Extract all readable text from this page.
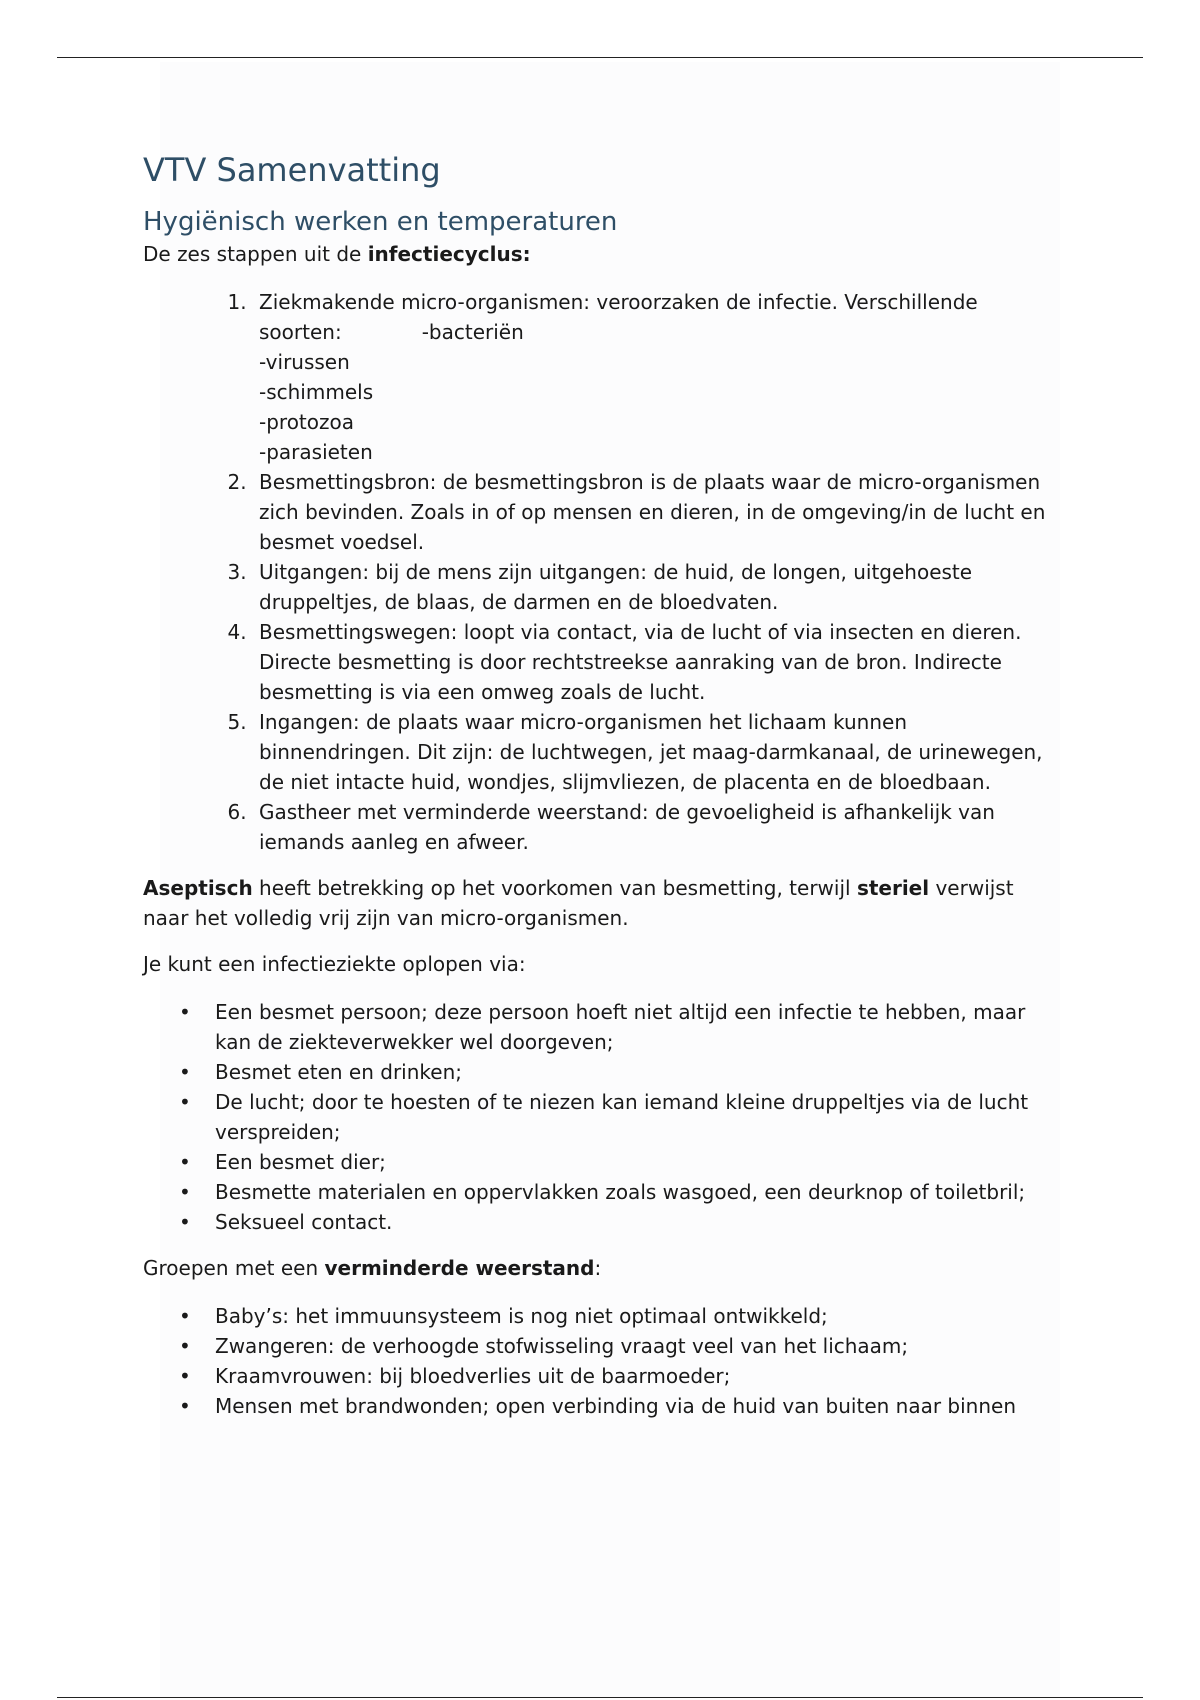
VTV Samenvatting
Hygiënisch werken en temperaturen

De zes stappen uit de infectiecyclus:

1. Ziekmakende micro-organismen: veroorzaken de infectie. Verschillende soorten:	-bacteriën
-virussen
-schimmels
-protozoa
-parasieten
2. Besmettingsbron: de besmettingsbron is de plaats waar de micro-organismen zich bevinden. Zoals in of op mensen en dieren, in de omgeving/in de lucht en besmet voedsel.
3. Uitgangen: bij de mens zijn uitgangen: de huid, de longen, uitgehoeste druppeltjes, de blaas, de darmen en de bloedvaten.
4. Besmettingswegen: loopt via contact, via de lucht of via insecten en dieren. Directe besmetting is door rechtstreekse aanraking van de bron. Indirecte besmetting is via een omweg zoals de lucht.
5. Ingangen: de plaats waar micro-organismen het lichaam kunnen binnendringen. Dit zijn: de luchtwegen, jet maag-darmkanaal, de urinewegen, de niet intacte huid, wondjes, slijmvliezen, de placenta en de bloedbaan.
6. Gastheer met verminderde weerstand: de gevoeligheid is afhankelijk van iemands aanleg en afweer.

Aseptisch heeft betrekking op het voorkomen van besmetting, terwijl steriel verwijst naar het volledig vrij zijn van micro-organismen.

Je kunt een infectieziekte oplopen via:

• Een besmet persoon; deze persoon hoeft niet altijd een infectie te hebben, maar kan de ziekteverwekker wel doorgeven;
• Besmet eten en drinken;
• De lucht; door te hoesten of te niezen kan iemand kleine druppeltjes via de lucht verspreiden;
• Een besmet dier;
• Besmette materialen en oppervlakken zoals wasgoed, een deurknop of toiletbril;
• Seksueel contact.

Groepen met een verminderde weerstand:

• Baby’s: het immuunsysteem is nog niet optimaal ontwikkeld;
• Zwangeren: de verhoogde stofwisseling vraagt veel van het lichaam;
• Kraamvrouwen: bij bloedverlies uit de baarmoeder;
• Mensen met brandwonden; open verbinding via de huid van buiten naar binnen
